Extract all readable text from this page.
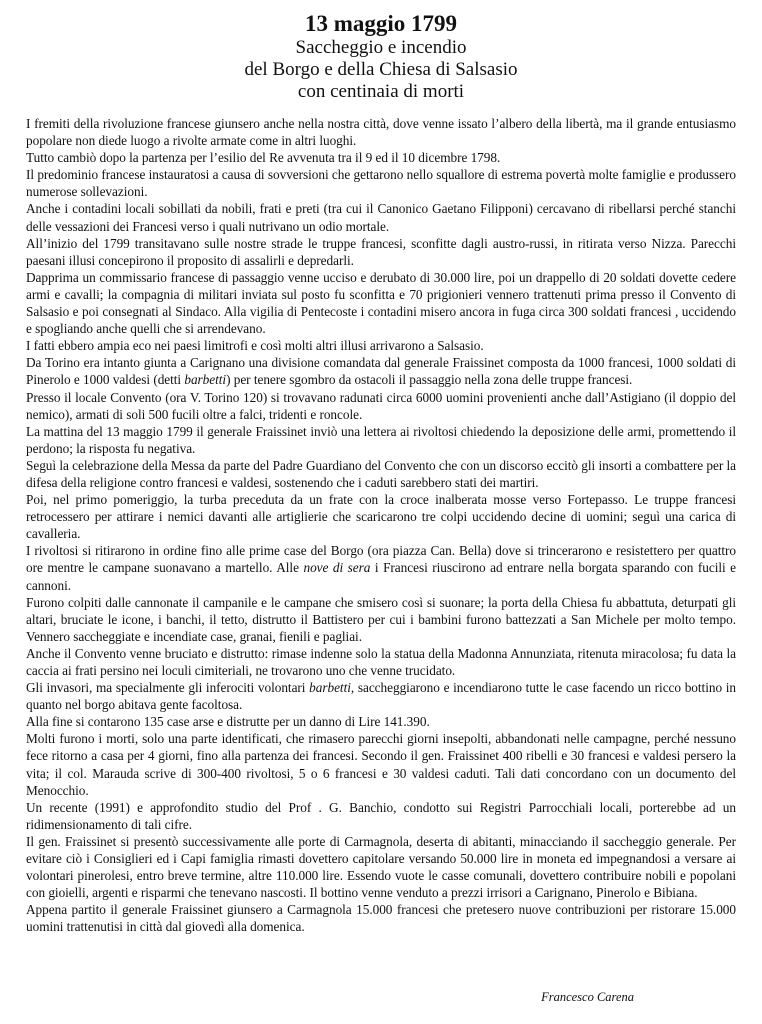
13 maggio 1799
Saccheggio e incendio
del Borgo e della Chiesa di Salsasio
con centinaia di morti

I fremiti della rivoluzione francese giunsero anche nella nostra città, dove venne issato l’albero della libertà, ma il grande entusiasmo popolare non diede luogo a rivolte armate come in altri luoghi.

Tutto cambiò dopo la partenza per l’esilio del Re avvenuta tra il 9 ed il 10 dicembre 1798.

Il predominio francese instauratosi a causa di sovversioni che gettarono nello squallore di estrema povertà molte famiglie e produssero numerose sollevazioni.

Anche i contadini locali sobillati da nobili, frati e preti (tra cui il Canonico Gaetano Filipponi) cercavano di ribellarsi perché stanchi delle vessazioni dei Francesi verso i quali nutrivano un odio mortale.

All’inizio del 1799 transitavano sulle nostre strade le truppe francesi, sconfitte dagli austro-russi, in ritirata verso Nizza. Parecchi paesani illusi concepirono il proposito di assalirli e depredarli.

Dapprima un commissario francese di passaggio venne ucciso e derubato di 30.000 lire, poi un drappello di 20 soldati dovette cedere armi e cavalli; la compagnia di militari inviata sul posto fu sconfitta e 70 prigionieri vennero trattenuti prima presso il Convento di Salsasio e poi consegnati al Sindaco. Alla vigilia di Pentecoste i contadini misero ancora in fuga circa 300 soldati francesi , uccidendo e spogliando anche quelli che si arrendevano.

I fatti ebbero ampia eco nei paesi limitrofi e così molti altri illusi arrivarono a Salsasio.

Da Torino era intanto giunta a Carignano una divisione comandata dal generale Fraissinet composta da 1000 francesi, 1000 soldati di Pinerolo e 1000 valdesi (detti barbetti) per tenere sgombro da ostacoli il passaggio nella zona delle truppe francesi.

Presso il locale Convento (ora V. Torino 120) si trovavano radunati circa 6000 uomini provenienti anche dall’Astigiano (il doppio del nemico), armati di soli 500 fucili oltre a falci, tridenti e roncole.

La mattina del 13 maggio 1799 il generale Fraissinet inviò una lettera ai rivoltosi chiedendo la deposizione delle armi, promettendo il perdono; la risposta fu negativa.

Seguì la celebrazione della Messa da parte del Padre Guardiano del Convento che con un discorso eccitò gli insorti a combattere per la difesa della religione contro francesi e valdesi, sostenendo che i caduti sarebbero stati dei martiri.

Poi, nel primo pomeriggio, la turba preceduta da un frate con la croce inalberata mosse verso Fortepasso. Le truppe francesi retrocessero per attirare i nemici davanti alle artiglierie che scaricarono tre colpi uccidendo decine di uomini; seguì una carica di cavalleria.

I rivoltosi si ritirarono in ordine fino alle prime case del Borgo (ora piazza Can. Bella) dove si trincerarono e resistettero per quattro ore mentre le campane suonavano a martello. Alle nove di sera i Francesi riuscirono ad entrare nella borgata sparando con fucili e cannoni.

Furono colpiti dalle cannonate il campanile e le campane che smisero così si suonare; la porta della Chiesa fu abbattuta, deturpati gli altari, bruciate le icone, i banchi, il tetto, distrutto il Battistero per cui i bambini furono battezzati a San Michele per molto tempo. Vennero saccheggiate e incendiate case, granai, fienili e pagliai.

Anche il Convento venne bruciato e distrutto: rimase indenne solo la statua della Madonna Annunziata, ritenuta miracolosa; fu data la caccia ai frati persino nei loculi cimiteriali, ne trovarono uno che venne trucidato.

Gli invasori, ma specialmente gli inferociti volontari barbetti, saccheggiarono e incendiarono tutte le case facendo un ricco bottino in quanto nel borgo abitava gente facoltosa.

Alla fine si contarono 135 case arse e distrutte per un danno di Lire 141.390.

Molti furono i morti, solo una parte identificati, che rimasero parecchi giorni insepolti, abbandonati nelle campagne, perché nessuno fece ritorno a casa per 4 giorni, fino alla partenza dei francesi. Secondo il gen. Fraissinet 400 ribelli e 30 francesi e valdesi persero la vita; il col. Marauda scrive di 300-400 rivoltosi, 5 o 6 francesi e 30 valdesi caduti. Tali dati concordano con un documento del Menocchio.

Un recente (1991) e approfondito studio del Prof . G. Banchio, condotto sui Registri Parrocchiali locali, porterebbe ad un ridimensionamento di tali cifre.

Il gen. Fraissinet si presentò successivamente alle porte di Carmagnola, deserta di abitanti, minacciando il saccheggio generale. Per evitare ciò i Consiglieri ed i Capi famiglia rimasti dovettero capitolare versando 50.000 lire in moneta ed impegnandosi a versare ai volontari pinerolesi, entro breve termine, altre 110.000 lire. Essendo vuote le casse comunali, dovettero contribuire nobili e popolani con gioielli, argenti e risparmi che tenevano nascosti. Il bottino venne venduto a prezzi irrisori a Carignano, Pinerolo e Bibiana.

Appena partito il generale Fraissinet giunsero a Carmagnola 15.000 francesi che pretesero nuove contribuzioni per ristorare 15.000 uomini trattenutisi in città dal giovedì alla domenica.

Francesco Carena
